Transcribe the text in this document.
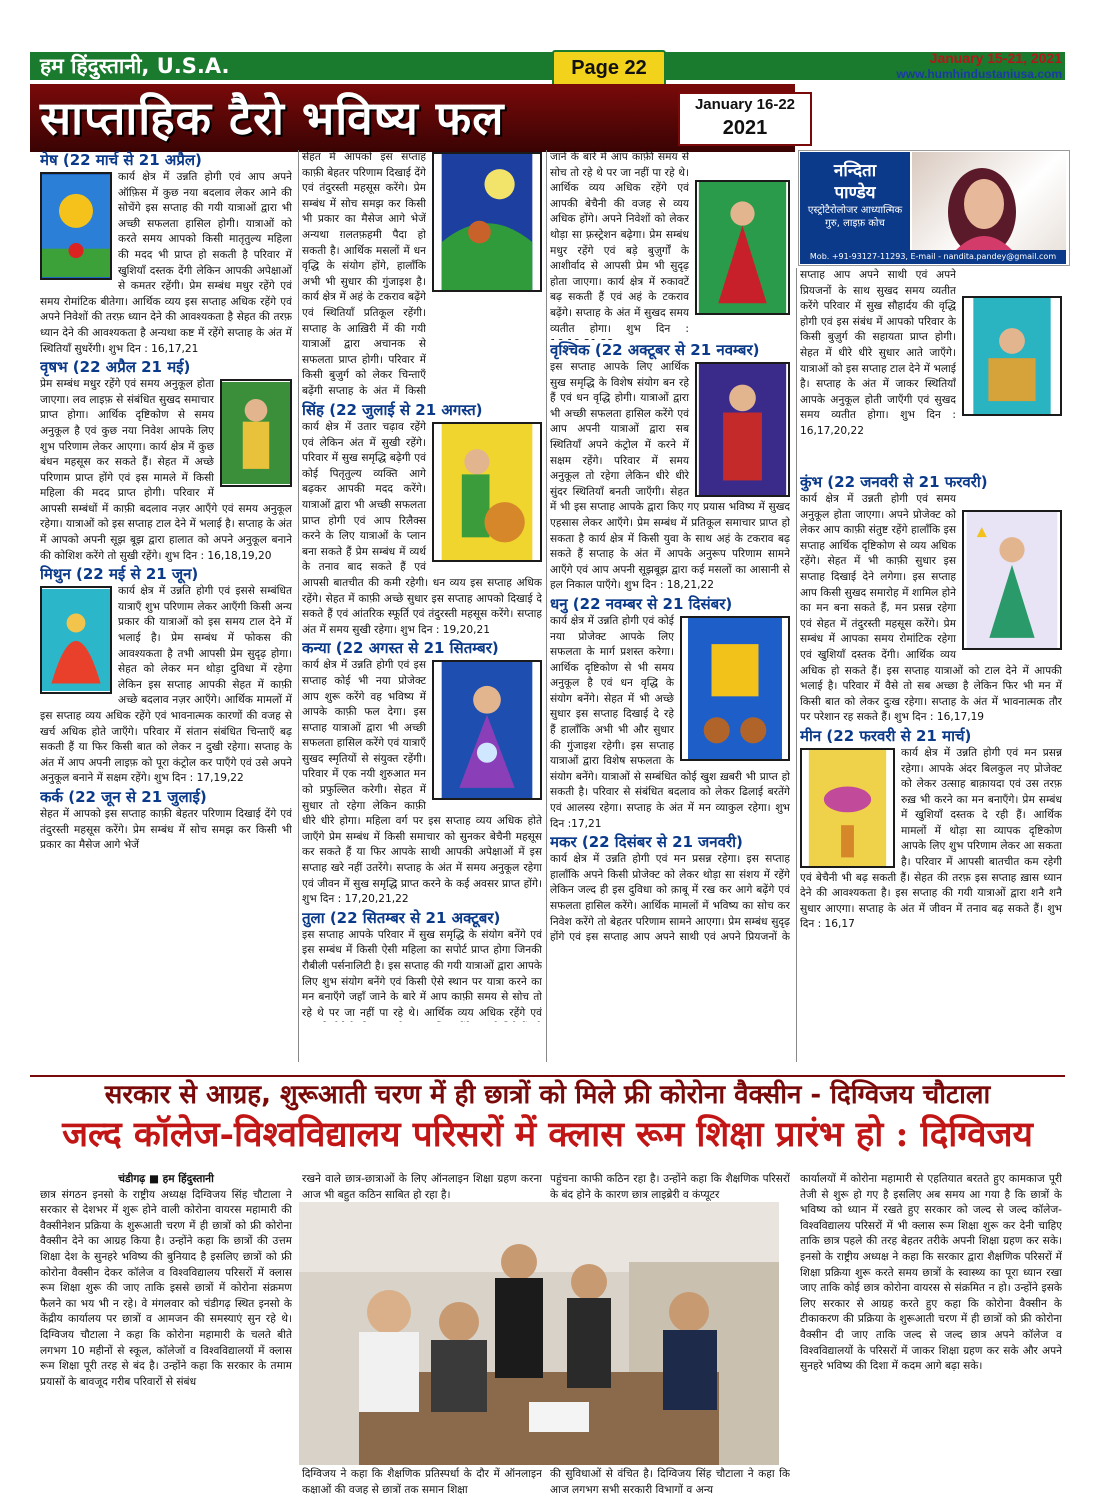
हम हिंदुस्तानी, U.S.A.	Page 22	January 15-21, 2021
www.humhindustaniusa.com
साप्ताहिक टैरो भविष्य फल	January 16-22
2021
नन्दिता
पाण्डेय
एस्ट्रोटैरोलोजर आध्यात्मिक गुरु, लाइफ़ कोच
Mob. +91-93127-11293, E-mail - nandita.pandey@gmail.com
मेष (22 मार्च से 21 अप्रैल)
कार्य क्षेत्र में उन्नति होगी एवं आप अपने ऑफ़िस में कुछ नया बदलाव लेकर आने की सोचेंगे इस सप्ताह की गयी यात्राओं द्वारा भी अच्छी सफलता हासिल होगी। यात्राओं को करते समय आपको किसी मातृतुल्य महिला की मदद भी प्राप्त हो सकती है परिवार में खुशियाँ दस्तक देंगी लेकिन आपकी अपेक्षाओं से कमतर रहेंगी। प्रेम सम्बंध मधुर रहेंगे एवं समय रोमांटिक बीतेगा। आर्थिक व्यय इस सप्ताह अधिक रहेंगे एवं अपने निवेशों की तरफ़ ध्यान देने की आवश्यकता है सेहत की तरफ़ ध्यान देने की आवश्यकता है अन्यथा कष्ट में रहेंगे सप्ताह के अंत में स्थितियाँ सुधरेंगी। शुभ दिन : 16,17,21
वृषभ (22 अप्रैल 21 मई)
प्रेम सम्बंध मधुर रहेंगे एवं समय अनुकूल होता जाएगा। लव लाइफ़ से संबंधित सुखद समाचार प्राप्त होगा। आर्थिक दृष्टिकोण से समय अनुकूल है एवं कुछ नया निवेश आपके लिए शुभ परिणाम लेकर आएगा। कार्य क्षेत्र में कुछ बंधन महसूस कर सकते हैं। सेहत में अच्छे परिणाम प्राप्त होंगे एवं इस मामले में किसी महिला की मदद प्राप्त होगी। परिवार में आपसी सम्बंधों में काफ़ी बदलाव नज़र आएँगे एवं समय अनुकूल रहेगा। यात्राओं को इस सप्ताह टाल देने में भलाई है। सप्ताह के अंत में आपको अपनी सूझ बूझ द्वारा हालात को अपने अनुकूल बनाने की कोशिश करेंगे तो सुखी रहेंगे। शुभ दिन : 16,18,19,20
मिथुन (22 मई से 21 जून)
कार्य क्षेत्र में उन्नति होगी एवं इससे सम्बंधित यात्राएँ शुभ परिणाम लेकर आएँगी किसी अन्य प्रकार की यात्राओं को इस समय टाल देने में भलाई है। प्रेम सम्बंध में फोकस की आवश्यकता है तभी आपसी प्रेम सुदृढ़ होगा। सेहत को लेकर मन थोड़ा दुविधा में रहेगा लेकिन इस सप्ताह आपकी सेहत में काफ़ी अच्छे बदलाव नज़र आएँगे। आर्थिक मामलों में इस सप्ताह व्यय अधिक रहेंगे एवं भावनात्मक कारणों की वजह से खर्च अधिक होते जाएँगे। परिवार में संतान संबंधित चिन्ताएँ बढ़ सकती हैं या फिर किसी बात को लेकर न दुखी रहेगा। सप्ताह के अंत में आप अपनी लाइफ़ को पूरा कंट्रोल कर पाएँगे एवं उसे अपने अनुकूल बनाने में सक्षम रहेंगे। शुभ दिन : 17,19,22
कर्क (22 जून से 21 जुलाई)
सेहत में आपको इस सप्ताह काफ़ी बेहतर परिणाम दिखाई देंगे एवं तंदुरस्ती महसूस करेंगे। प्रेम सम्बंध में सोच समझ कर किसी भी प्रकार का मैसेज आगे भेजें
सेहत में आपको इस सप्ताह काफ़ी बेहतर परिणाम दिखाई देंगे एवं तंदुरस्ती महसूस करेंगे। प्रेम सम्बंध में सोच समझ कर किसी भी प्रकार का मैसेज आगे भेजें अन्यथा ग़लतफ़हमी पैदा हो सकती है। आर्थिक मसलों में धन वृद्धि के संयोग होंगे, हालाँकि अभी भी सुधार की गुंजाइश है। कार्य क्षेत्र में अहं के टकराव बढ़ेंगे एवं स्थितियाँ प्रतिकूल रहेंगी। सप्ताह के आख़िरी में की गयी यात्राओं द्वारा अचानक से सफलता प्राप्त होगी। परिवार में किसी बुजुर्ग को लेकर चिन्ताएँ बढ़ेंगी सप्ताह के अंत में किसी
सिंह (22 जुलाई से 21 अगस्त)
कार्य क्षेत्र में उतार चढ़ाव रहेंगे एवं लेकिन अंत में सुखी रहेंगे। परिवार में सुख समृद्धि बढ़ेगी एवं कोई पितृतुल्य व्यक्ति आगे बढ़कर आपकी मदद करेंगे। यात्राओं द्वारा भी अच्छी सफलता प्राप्त होगी एवं आप रिलैक्स करने के लिए यात्राओं के प्लान बना सकते हैं प्रेम सम्बंध में व्यर्थ के तनाव बाद सकते हैं एवं आपसी बातचीत की कमी रहेगी। धन व्यय इस सप्ताह अधिक रहेंगे। सेहत में काफ़ी अच्छे सुधार इस सप्ताह आपको दिखाई दे सकते हैं एवं आंतरिक स्फूर्ति एवं तंदुरस्ती महसूस करेंगे। सप्ताह अंत में समय सुखी रहेगा। शुभ दिन : 19,20,21
कन्या (22 अगस्त से 21 सितम्बर)
कार्य क्षेत्र में उन्नति होगी एवं इस सप्ताह कोई भी नया प्रोजेक्ट आप शुरू करेंगे वह भविष्य में आपके काफ़ी फल देगा। इस सप्ताह यात्राओं द्वारा भी अच्छी सफलता हासिल करेंगे एवं यात्राएँ सुखद स्मृतियों से संयुक्त रहेंगी। परिवार में एक नयी शुरुआत मन को प्रफुल्लित करेगी। सेहत में सुधार तो रहेगा लेकिन काफ़ी धीरे धीरे होगा। महिला वर्ग पर इस सप्ताह व्यय अधिक होते जाएँगे प्रेम सम्बंध में किसी समाचार को सुनकर बेचैनी महसूस कर सकते हैं या फिर आपके साथी आपकी अपेक्षाओं में इस सप्ताह खरे नहीं उतरेंगे। सप्ताह के अंत में समय अनुकूल रहेगा एवं जीवन में सुख समृद्धि प्राप्त करने के कई अवसर प्राप्त होंगे। शुभ दिन : 17,20,21,22
तुला (22 सितम्बर से 21 अक्टूबर)
इस सप्ताह आपके परिवार में सुख समृद्धि के संयोग बनेंगे एवं इस सम्बंध में किसी ऐसी महिला का सपोर्ट प्राप्त होगा जिनकी रौबीली पर्सनालिटी है। इस सप्ताह की गयी यात्राओं द्वारा आपके लिए शुभ संयोग बनेंगे एवं किसी ऐसे स्थान पर यात्रा करने का मन बनाएँगे जहाँ जाने के बारे में आप काफ़ी समय से सोच तो रहे थे पर जा नहीं पा रहे थे। आर्थिक व्यय अधिक रहेंगे एवं
जाने के बारे में आप काफ़ी समय से सोच तो रहे थे पर जा नहीं पा रहे थे। आर्थिक व्यय अधिक रहेंगे एवं आपकी बेचैनी की वजह से व्यय अधिक होंगे। अपने निवेशों को लेकर थोड़ा सा फ़्रस्ट्रेशन बढ़ेगा। प्रेम सम्बंध मधुर रहेंगे एवं बड़े बुज़ुर्गों के आशीर्वाद से आपसी प्रेम भी सुदृढ़ होता जाएगा। कार्य क्षेत्र में रुकावटें बढ़ सकती हैं एवं अहं के टकराव बढ़ेंगे। सप्ताह के अंत में सुखद समय व्यतीत होगा। शुभ दिन :
वृश्चिक (22 अक्टूबर से 21 नवम्बर)
इस सप्ताह आपके लिए आर्थिक सुख समृद्धि के विशेष संयोग बन रहे हैं एवं धन वृद्धि होगी। यात्राओं द्वारा भी अच्छी सफलता हासिल करेंगे एवं आप अपनी यात्राओं द्वारा सब स्थितियाँ अपने कंट्रोल में करने में सक्षम रहेंगे। परिवार में समय अनुकूल तो रहेगा लेकिन धीरे धीरे सुंदर स्थितियाँ बनती जाएँगी। सेहत में भी इस सप्ताह आपके द्वारा किए गए प्रयास भविष्य में सुखद एहसास लेकर आएँगे। प्रेम सम्बंध में प्रतिकूल समाचार प्राप्त हो सकता है कार्य क्षेत्र में किसी युवा के साथ अहं के टकराव बढ़ सकते हैं सप्ताह के अंत में आपके अनुरूप परिणाम सामने आएँगे एवं आप अपनी सूझबूझ द्वारा कई मसलों का आसानी से हल निकाल पाएँगे। शुभ दिन : 18,21,22
धनु (22 नवम्बर से 21 दिसंबर)
कार्य क्षेत्र में उन्नति होगी एवं कोई नया प्रोजेक्ट आपके लिए सफलता के मार्ग प्रशस्त करेगा। आर्थिक दृष्टिकोण से भी समय अनुकूल है एवं धन वृद्धि के संयोग बनेंगे। सेहत में भी अच्छे सुधार इस सप्ताह दिखाई दे रहे हैं हालाँकि अभी भी और सुधार की गुंजाइश रहेगी। इस सप्ताह यात्राओं द्वारा विशेष सफलता के संयोग बनेंगे। यात्राओं से सम्बंधित कोई खुश ख़बरी भी प्राप्त हो सकती है। परिवार से संबंधित बदलाव को लेकर ढिलाई बरतेंगे एवं आलस्य रहेगा। सप्ताह के अंत में मन व्याकुल रहेगा। शुभ दिन :17,21
मकर (22 दिसंबर से 21 जनवरी)
कार्य क्षेत्र में उन्नति होगी एवं मन प्रसन्न रहेगा। इस सप्ताह हालाँकि अपने किसी प्रोजेक्ट को लेकर थोड़ा सा संशय में रहेंगे लेकिन जल्द ही इस दुविधा को क़ाबू में रख कर आगे बढ़ेंगे एवं सफलता हासिल करेंगे। आर्थिक मामलों में भविष्य का सोच कर निवेश करेंगे तो बेहतर परिणाम सामने आएगा। प्रेम सम्बंध सुदृढ़ होंगे एवं इस सप्ताह आप अपने साथी एवं अपने प्रियजनों के
सप्ताह आप अपने साथी एवं अपने प्रियजनों के साथ सुखद समय व्यतीत करेंगे परिवार में सुख सौहार्दय की वृद्धि होगी एवं इस संबंध में आपको परिवार के किसी बुज़ुर्ग की सहायता प्राप्त होगी। सेहत में धीरे धीरे सुधार आते जाएँगे। यात्राओं को इस सप्ताह टाल देने में भलाई है। सप्ताह के अंत में जाकर स्थितियाँ आपके अनुकूल होती जाएँगी एवं सुखद समय व्यतीत होगा। शुभ दिन : 16,17,20,22
कुंभ (22 जनवरी से 21 फरवरी)
कार्य क्षेत्र में उन्नती होगी एवं समय अनुकूल होता जाएगा। अपने प्रोजेक्ट को लेकर आप काफ़ी संतुष्ट रहेंगे हालाँकि इस सप्ताह आर्थिक दृष्टिकोण से व्यय अधिक रहेंगे। सेहत में भी काफ़ी सुधार इस सप्ताह दिखाई देने लगेगा। इस सप्ताह आप किसी सुखद समारोह में शामिल होने का मन बना सकते हैं, मन प्रसन्न रहेगा एवं सेहत में तंदुरस्ती महसूस करेंगे। प्रेम सम्बंध में आपका समय रोमांटिक रहेगा एवं खुशियाँ दस्तक देंगी। आर्थिक व्यय अधिक हो सकते हैं। इस सप्ताह यात्राओं को टाल देने में आपकी भलाई है। परिवार में वैसे तो सब अच्छा है लेकिन फिर भी मन में किसी बात को लेकर दुःख रहेगा। सप्ताह के अंत में भावनात्मक तौर पर परेशान रह सकते हैं। शुभ दिन : 16,17,19
मीन (22 फरवरी से 21 मार्च)
कार्य क्षेत्र में उन्नति होगी एवं मन प्रसन्न रहेगा। आपके अंदर बिलकुल नए प्रोजेक्ट को लेकर उत्साह बाक़ायदा एवं उस तरफ़ रुख़ भी करने का मन बनाएँगे। प्रेम सम्बंध में खुशियाँ दस्तक दे रही हैं। आर्थिक मामलों में थोड़ा सा व्यापक दृष्टिकोण आपके लिए शुभ परिणाम लेकर आ सकता है। परिवार में आपसी बातचीत कम रहेगी एवं बेचैनी भी बढ़ सकती हैं। सेहत की तरफ़ इस सप्ताह ख़ास ध्यान देने की आवश्यकता है। इस सप्ताह की गयी यात्राओं द्वारा शनै शनै सुधार आएगा। सप्ताह के अंत में जीवन में तनाव बढ़ सकते हैं। शुभ दिन : 16,17
सरकार से आग्रह, शुरूआती चरण में ही छात्रों को मिले फ्री कोरोना वैक्सीन - दिग्विजय चौटाला
जल्द कॉलेज-विश्वविद्यालय परिसरों में क्लास रूम शिक्षा प्रारंभ हो : दिग्विजय
चंडीगढ़ ■ हम हिंदुस्तानी
छात्र संगठन इनसो के राष्ट्रीय अध्यक्ष दिग्विजय सिंह चौटाला ने सरकार से देशभर में शुरू होने वाली कोरोना वायरस महामारी की वैक्सीनेशन प्रक्रिया के शुरूआती चरण में ही छात्रों को फ्री कोरोना वैक्सीन देने का आग्रह किया है। उन्होंने कहा कि छात्रों की उत्तम शिक्षा देश के सुनहरे भविष्य की बुनियाद है इसलिए छात्रों को फ्री कोरोना वैक्सीन देकर कॉलेज व विश्वविद्यालय परिसरों में क्लास रूम शिक्षा शुरू की जाए ताकि इससे छात्रों में कोरोना संक्रमण फैलने का भय भी न रहे। वे मंगलवार को चंडीगढ़ स्थित इनसो के केंद्रीय कार्यालय पर छात्रों व आमजन की समस्याएं सुन रहे थे। दिग्विजय चौटाला ने कहा कि कोरोना महामारी के चलते बीते लगभग 10 महीनों से स्कूल, कॉलेजों व विश्वविद्यालयों में क्लास रूम शिक्षा पूरी तरह से बंद है। उन्होंने कहा कि सरकार के तमाम प्रयासों के बावजूद गरीब परिवारों से संबंध
रखने वाले छात्र-छात्राओं के लिए ऑनलाइन शिक्षा ग्रहण करना आज भी बहुत कठिन साबित हो रहा है।
पहुंचना काफी कठिन रहा है। उन्होंने कहा कि शैक्षणिक परिसरों के बंद होने के कारण छात्र लाइब्रेरी व कंप्यूटर
दिग्विजय ने कहा कि शैक्षणिक प्रतिस्पर्धा के दौर में ऑनलाइन कक्षाओं की वजह से छात्रों तक समान शिक्षा
की सुविधाओं से वंचित है। दिग्विजय सिंह चौटाला ने कहा कि आज लगभग सभी सरकारी विभागों व अन्य
कार्यालयों में कोरोना महामारी से एहतियात बरतते हुए कामकाज पूरी तेजी से शुरू हो गए है इसलिए अब समय आ गया है कि छात्रों के भविष्य को ध्यान में रखते हुए सरकार को जल्द से जल्द कॉलेज-विश्वविद्यालय परिसरों में भी क्लास रूम शिक्षा शुरू कर देनी चाहिए ताकि छात्र पहले की तरह बेहतर तरीके अपनी शिक्षा ग्रहण कर सके। इनसो के राष्ट्रीय अध्यक्ष ने कहा कि सरकार द्वारा शैक्षणिक परिसरों में शिक्षा प्रक्रिया शुरू करते समय छात्रों के स्वास्थ्य का पूरा ध्यान रखा जाए ताकि कोई छात्र कोरोना वायरस से संक्रमित न हो। उन्होंने इसके लिए सरकार से आग्रह करते हुए कहा कि कोरोना वैक्सीन के टीकाकरण की प्रक्रिया के शुरूआती चरण में ही छात्रों को फ्री कोरोना वैक्सीन दी जाए ताकि जल्द से जल्द छात्र अपने कॉलेज व विश्वविद्यालयों के परिसरों में जाकर शिक्षा ग्रहण कर सके और अपने सुनहरे भविष्य की दिशा में कदम आगे बढ़ा सके।
